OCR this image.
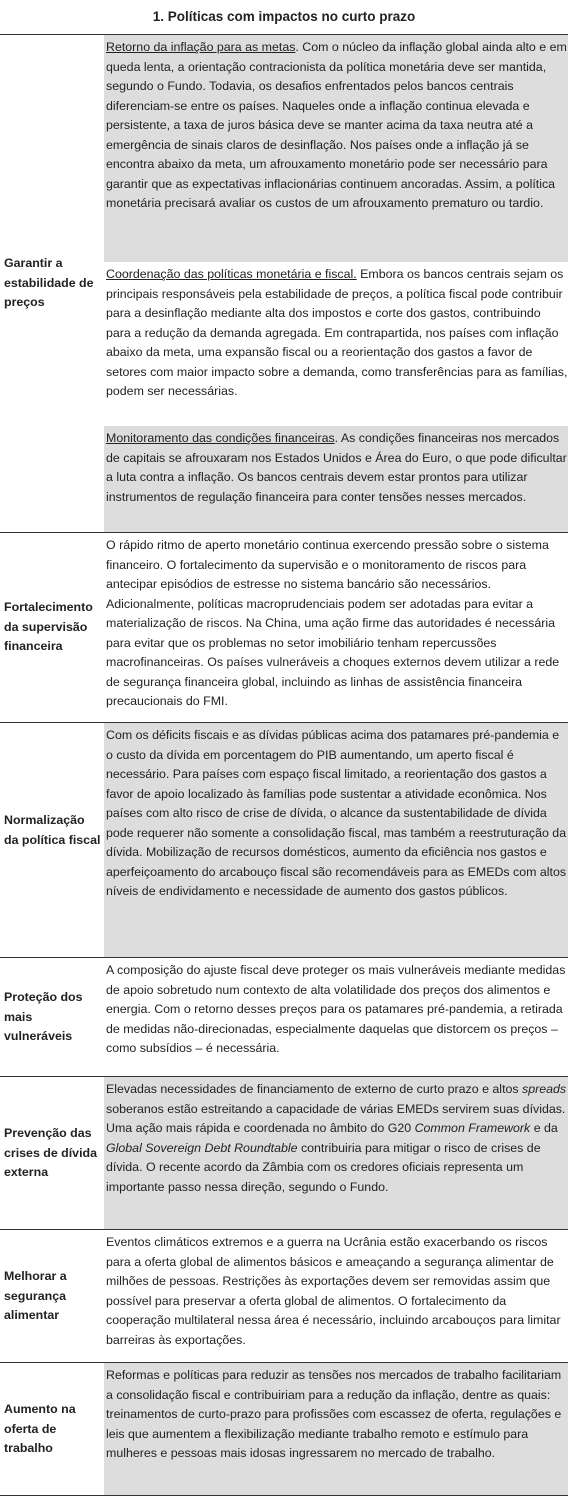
1. Políticas com impactos no curto prazo
Garantir a estabilidade de preços
Retorno da inflação para as metas. Com o núcleo da inflação global ainda alto e em queda lenta, a orientação contracionista da política monetária deve ser mantida, segundo o Fundo. Todavia, os desafios enfrentados pelos bancos centrais diferenciam-se entre os países. Naqueles onde a inflação continua elevada e persistente, a taxa de juros básica deve se manter acima da taxa neutra até a emergência de sinais claros de desinflação. Nos países onde a inflação já se encontra abaixo da meta, um afrouxamento monetário pode ser necessário para garantir que as expectativas inflacionárias continuem ancoradas. Assim, a política monetária precisará avaliar os custos de um afrouxamento prematuro ou tardio.
Coordenação das políticas monetária e fiscal. Embora os bancos centrais sejam os principais responsáveis pela estabilidade de preços, a política fiscal pode contribuir para a desinflação mediante alta dos impostos e corte dos gastos, contribuindo para a redução da demanda agregada. Em contrapartida, nos países com inflação abaixo da meta, uma expansão fiscal ou a reorientação dos gastos a favor de setores com maior impacto sobre a demanda, como transferências para as famílias, podem ser necessárias.
Monitoramento das condições financeiras. As condições financeiras nos mercados de capitais se afrouxaram nos Estados Unidos e Área do Euro, o que pode dificultar a luta contra a inflação. Os bancos centrais devem estar prontos para utilizar instrumentos de regulação financeira para conter tensões nesses mercados.
Fortalecimento da supervisão financeira
O rápido ritmo de aperto monetário continua exercendo pressão sobre o sistema financeiro. O fortalecimento da supervisão e o monitoramento de riscos para antecipar episódios de estresse no sistema bancário são necessários. Adicionalmente, políticas macroprudenciais podem ser adotadas para evitar a materialização de riscos. Na China, uma ação firme das autoridades é necessária para evitar que os problemas no setor imobiliário tenham repercussões macrofinanceiras. Os países vulneráveis a choques externos devem utilizar a rede de segurança financeira global, incluindo as linhas de assistência financeira precaucionais do FMI.
Normalização da política fiscal
Com os déficits fiscais e as dívidas públicas acima dos patamares pré-pandemia e o custo da dívida em porcentagem do PIB aumentando, um aperto fiscal é necessário. Para países com espaço fiscal limitado, a reorientação dos gastos a favor de apoio localizado às famílias pode sustentar a atividade econômica. Nos países com alto risco de crise de dívida, o alcance da sustentabilidade de dívida pode requerer não somente a consolidação fiscal, mas também a reestruturação da dívida. Mobilização de recursos domésticos, aumento da eficiência nos gastos e aperfeiçoamento do arcabouço fiscal são recomendáveis para as EMEDs com altos níveis de endividamento e necessidade de aumento dos gastos públicos.
Proteção dos mais vulneráveis
A composição do ajuste fiscal deve proteger os mais vulneráveis mediante medidas de apoio sobretudo num contexto de alta volatilidade dos preços dos alimentos e energia. Com o retorno desses preços para os patamares pré-pandemia, a retirada de medidas não-direcionadas, especialmente daquelas que distorcem os preços – como subsídios – é necessária.
Prevenção das crises de dívida externa
Elevadas necessidades de financiamento de externo de curto prazo e altos spreads soberanos estão estreitando a capacidade de várias EMEDs servirem suas dívidas. Uma ação mais rápida e coordenada no âmbito do G20 Common Framework e da Global Sovereign Debt Roundtable contribuiria para mitigar o risco de crises de dívida. O recente acordo da Zâmbia com os credores oficiais representa um importante passo nessa direção, segundo o Fundo.
Melhorar a segurança alimentar
Eventos climáticos extremos e a guerra na Ucrânia estão exacerbando os riscos para a oferta global de alimentos básicos e ameaçando a segurança alimentar de milhões de pessoas. Restrições às exportações devem ser removidas assim que possível para preservar a oferta global de alimentos. O fortalecimento da cooperação multilateral nessa área é necessário, incluindo arcabouços para limitar barreiras às exportações.
Aumento na oferta de trabalho
Reformas e políticas para reduzir as tensões nos mercados de trabalho facilitariam a consolidação fiscal e contribuiriam para a redução da inflação, dentre as quais: treinamentos de curto-prazo para profissões com escassez de oferta, regulações e leis que aumentem a flexibilização mediante trabalho remoto e estímulo para mulheres e pessoas mais idosas ingressarem no mercado de trabalho.
